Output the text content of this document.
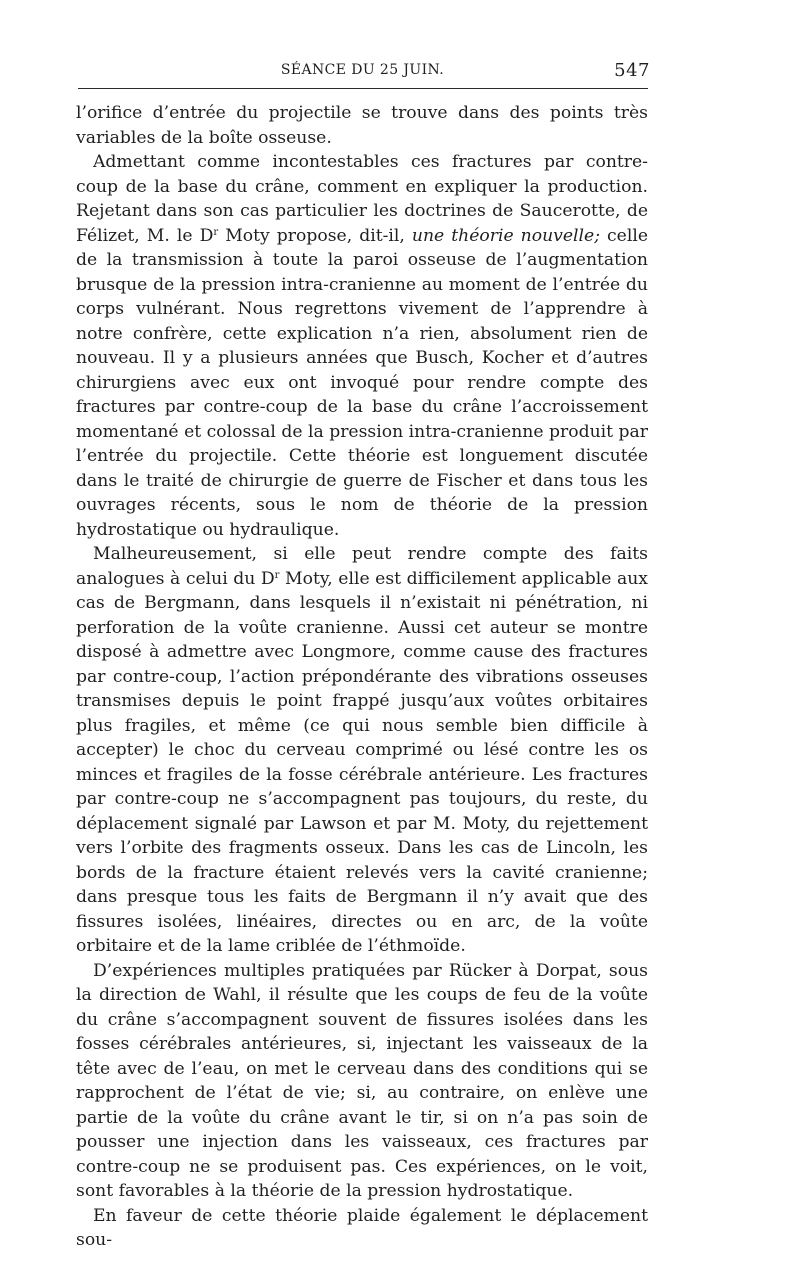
SÉANCE DU 25 JUIN.	547

l’orifice d’entrée du projectile se trouve dans des points très variables de la boîte osseuse.

Admettant comme incontestables ces fractures par contre-coup de la base du crâne, comment en expliquer la production. Rejetant dans son cas particulier les doctrines de Saucerotte, de Félizet, M. le $D^r$ Moty propose, dit-il, une théorie nouvelle; celle de la transmission à toute la paroi osseuse de l’augmentation brusque de la pression intra-cranienne au moment de l’entrée du corps vulnérant. Nous regrettons vivement de l’apprendre à notre confrère, cette explication n’a rien, absolument rien de nouveau. Il y a plusieurs années que Busch, Kocher et d’autres chirurgiens avec eux ont invoqué pour rendre compte des fractures par contre-coup de la base du crâne l’accroissement momentané et colossal de la pression intra-cranienne produit par l’entrée du projectile. Cette théorie est longuement discutée dans le traité de chirurgie de guerre de Fischer et dans tous les ouvrages récents, sous le nom de théorie de la pression hydrostatique ou hydraulique.

Malheureusement, si elle peut rendre compte des faits analogues à celui du $D^r$ Moty, elle est difficilement applicable aux cas de Bergmann, dans lesquels il n’existait ni pénétration, ni perforation de la voûte cranienne. Aussi cet auteur se montre disposé à admettre avec Longmore, comme cause des fractures par contre-coup, l’action prépondérante des vibrations osseuses transmises depuis le point frappé jusqu’aux voûtes orbitaires plus fragiles, et même (ce qui nous semble bien difficile à accepter) le choc du cerveau comprimé ou lésé contre les os minces et fragiles de la fosse cérébrale antérieure. Les fractures par contre-coup ne s’accompagnent pas toujours, du reste, du déplacement signalé par Lawson et par M. Moty, du rejettement vers l’orbite des fragments osseux. Dans les cas de Lincoln, les bords de la fracture étaient relevés vers la cavité cranienne; dans presque tous les faits de Bergmann il n’y avait que des fissures isolées, linéaires, directes ou en arc, de la voûte orbitaire et de la lame criblée de l’éthmoïde.

D’expériences multiples pratiquées par Rücker à Dorpat, sous la direction de Wahl, il résulte que les coups de feu de la voûte du crâne s’accompagnent souvent de fissures isolées dans les fosses cérébrales antérieures, si, injectant les vaisseaux de la tête avec de l’eau, on met le cerveau dans des conditions qui se rapprochent de l’état de vie; si, au contraire, on enlève une partie de la voûte du crâne avant le tir, si on n’a pas soin de pousser une injection dans les vaisseaux, ces fractures par contre-coup ne se produisent pas. Ces expériences, on le voit, sont favorables à la théorie de la pression hydrostatique.

En faveur de cette théorie plaide également le déplacement sou-
